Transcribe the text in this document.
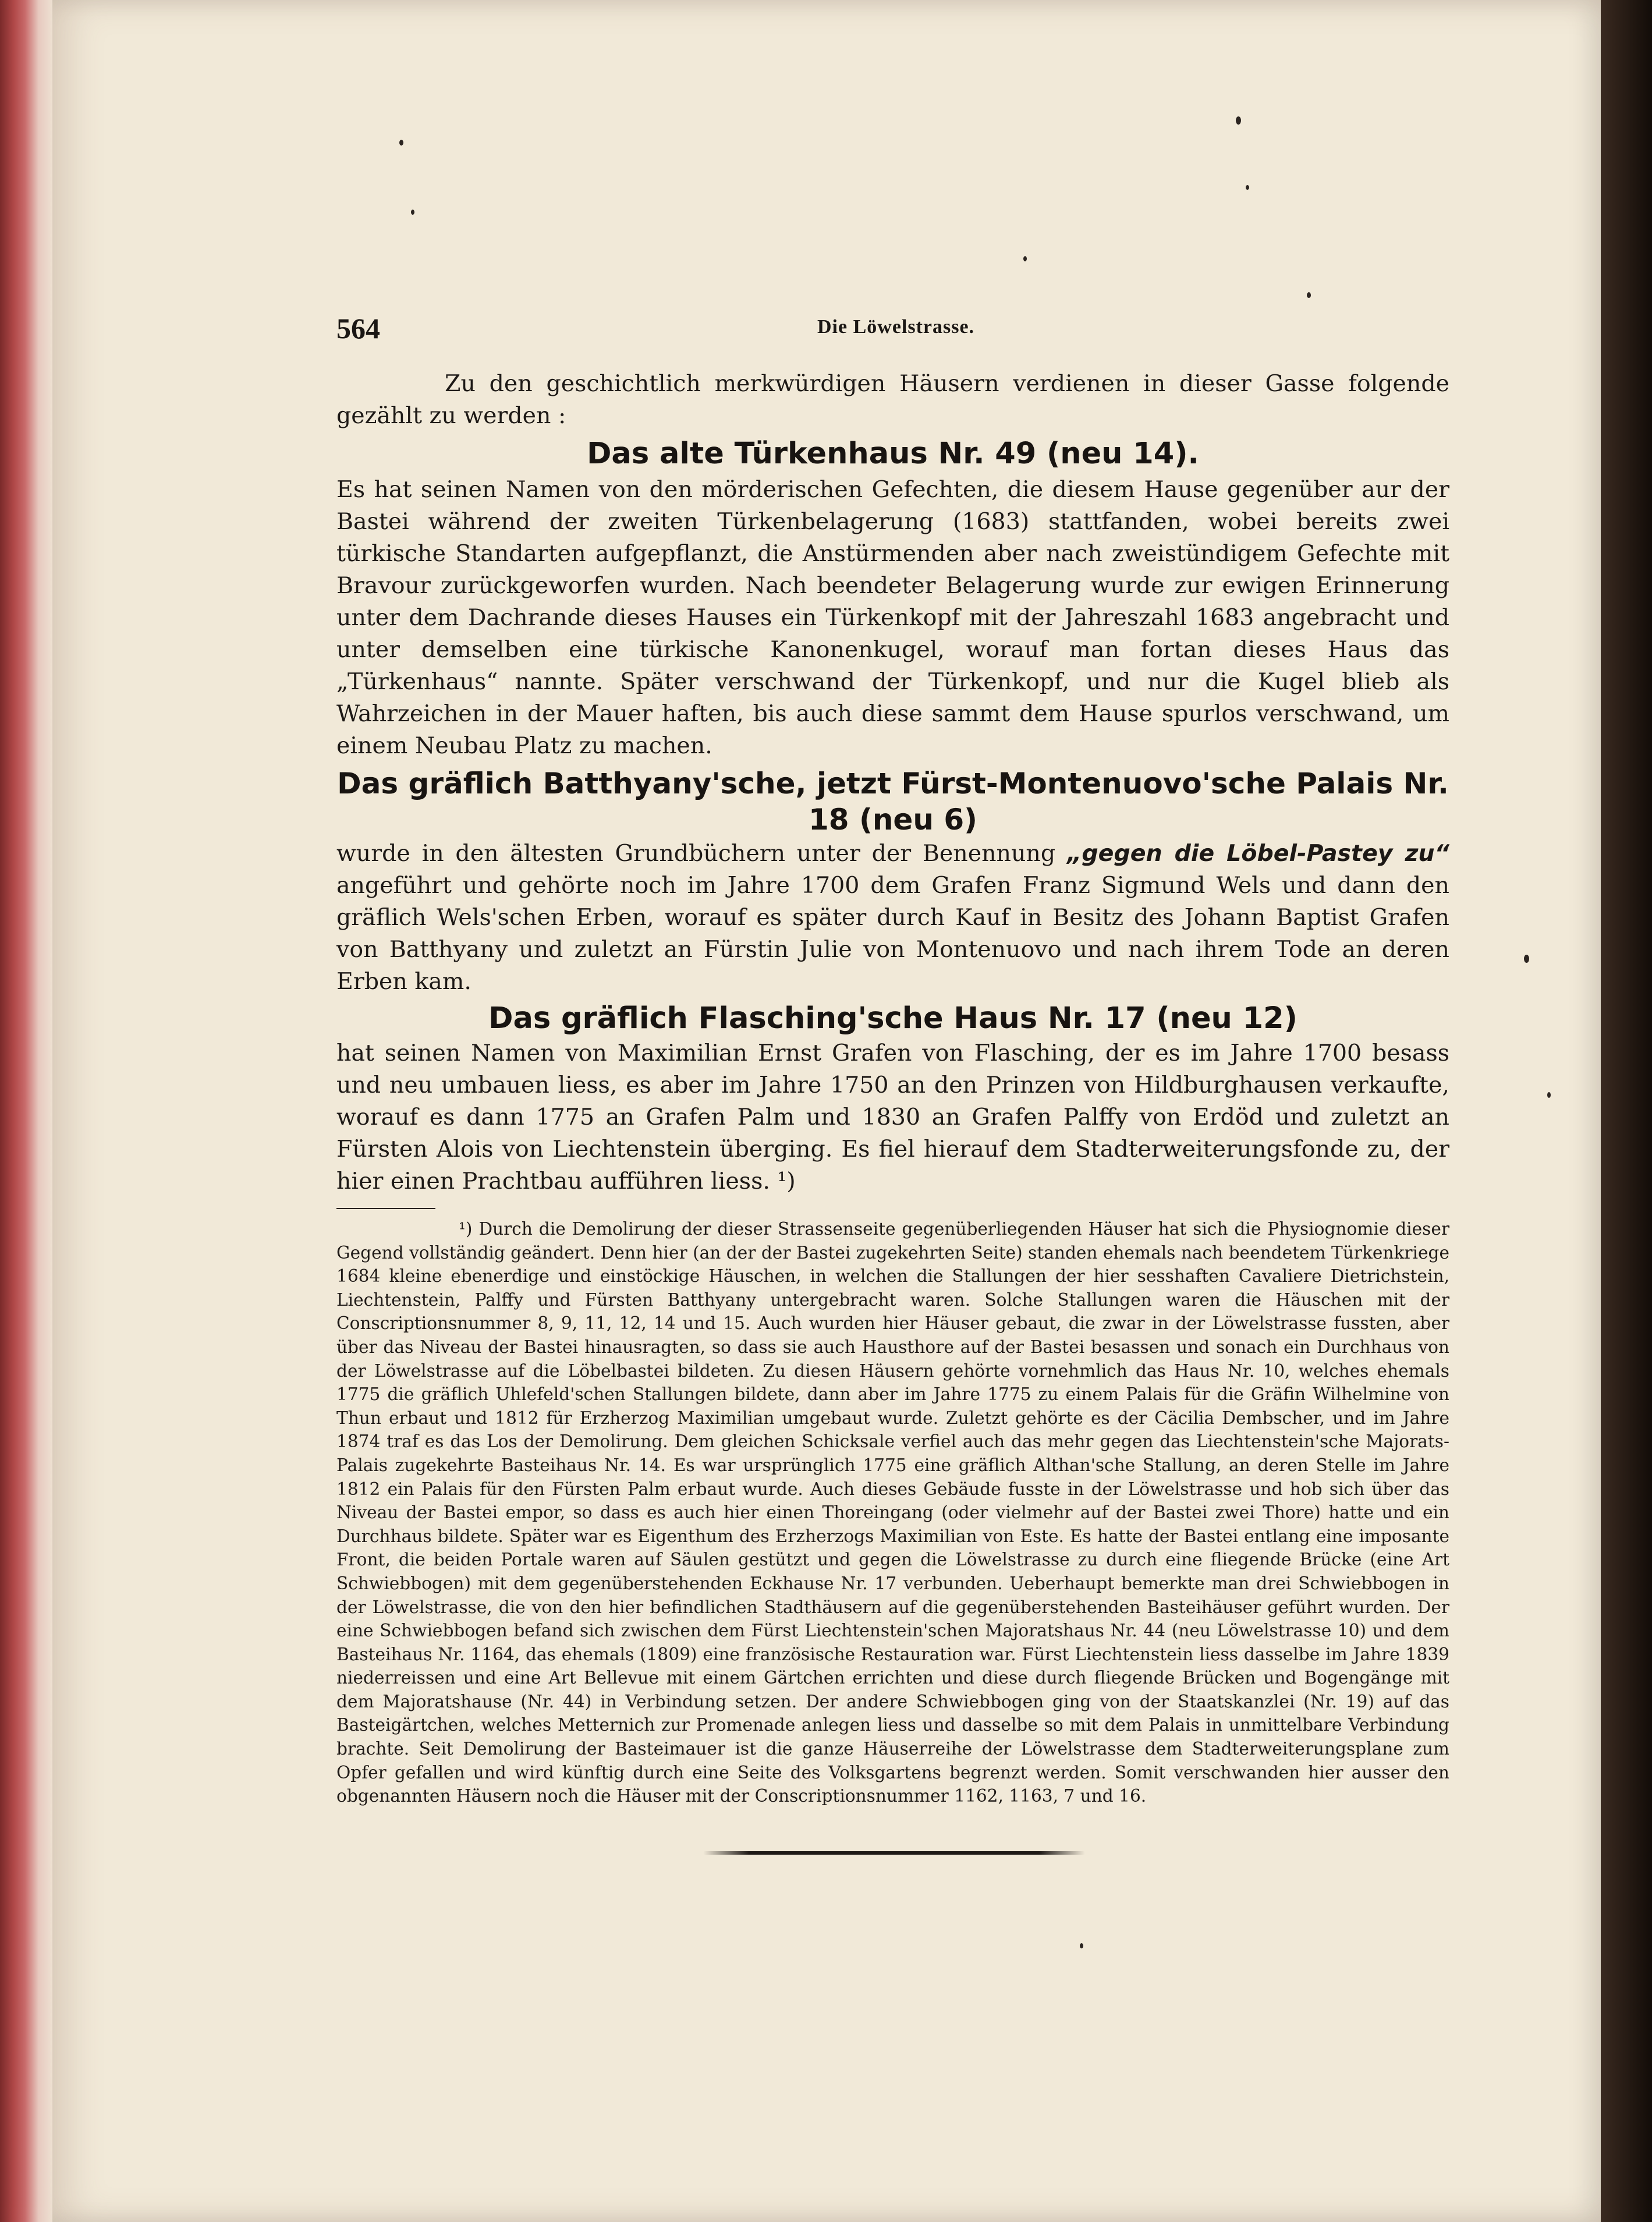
564	Die Löwelstrasse.

Zu den geschichtlich merkwürdigen Häusern verdienen in dieser Gasse folgende gezählt zu werden :

Das alte Türkenhaus Nr. 49 (neu 14).

Es hat seinen Namen von den mörderischen Gefechten, die diesem Hause gegenüber aur der Bastei während der zweiten Türkenbelagerung (1683) stattfanden, wobei bereits zwei türkische Standarten aufgepflanzt, die Anstürmenden aber nach zweistündigem Gefechte mit Bravour zurückgeworfen wurden. Nach beendeter Belagerung wurde zur ewigen Erinnerung unter dem Dachrande dieses Hauses ein Türkenkopf mit der Jahreszahl 1683 angebracht und unter demselben eine türkische Kanonenkugel, worauf man fortan dieses Haus das „Türkenhaus“ nannte. Später verschwand der Türkenkopf, und nur die Kugel blieb als Wahrzeichen in der Mauer haften, bis auch diese sammt dem Hause spurlos verschwand, um einem Neubau Platz zu machen.

Das gräflich Batthyany'sche, jetzt Fürst-Montenuovo'sche Palais Nr. 18 (neu 6)

wurde in den ältesten Grundbüchern unter der Benennung „gegen die Löbel-Pastey zu“ angeführt und gehörte noch im Jahre 1700 dem Grafen Franz Sigmund Wels und dann den gräflich Wels'schen Erben, worauf es später durch Kauf in Besitz des Johann Baptist Grafen von Batthyany und zuletzt an Fürstin Julie von Montenuovo und nach ihrem Tode an deren Erben kam.

Das gräflich Flasching'sche Haus Nr. 17 (neu 12)

hat seinen Namen von Maximilian Ernst Grafen von Flasching, der es im Jahre 1700 besass und neu umbauen liess, es aber im Jahre 1750 an den Prinzen von Hildburghausen verkaufte, worauf es dann 1775 an Grafen Palm und 1830 an Grafen Palffy von Erdöd und zuletzt an Fürsten Alois von Liechtenstein überging. Es fiel hierauf dem Stadterweiterungsfonde zu, der hier einen Prachtbau aufführen liess. ¹)

¹) Durch die Demolirung der dieser Strassenseite gegenüberliegenden Häuser hat sich die Physiognomie dieser Gegend vollständig geändert. Denn hier (an der der Bastei zugekehrten Seite) standen ehemals nach beendetem Türkenkriege 1684 kleine ebenerdige und einstöckige Häuschen, in welchen die Stallungen der hier sesshaften Cavaliere Dietrichstein, Liechtenstein, Palffy und Fürsten Batthyany untergebracht waren. Solche Stallungen waren die Häuschen mit der Conscriptionsnummer 8, 9, 11, 12, 14 und 15. Auch wurden hier Häuser gebaut, die zwar in der Löwelstrasse fussten, aber über das Niveau der Bastei hinausragten, so dass sie auch Hausthore auf der Bastei besassen und sonach ein Durchhaus von der Löwelstrasse auf die Löbelbastei bildeten. Zu diesen Häusern gehörte vornehmlich das Haus Nr. 10, welches ehemals 1775 die gräflich Uhlefeld'schen Stallungen bildete, dann aber im Jahre 1775 zu einem Palais für die Gräfin Wilhelmine von Thun erbaut und 1812 für Erzherzog Maximilian umgebaut wurde. Zuletzt gehörte es der Cäcilia Dembscher, und im Jahre 1874 traf es das Los der Demolirung. Dem gleichen Schicksale verfiel auch das mehr gegen das Liechtenstein'sche Majorats-Palais zugekehrte Basteihaus Nr. 14. Es war ursprünglich 1775 eine gräflich Althan'sche Stallung, an deren Stelle im Jahre 1812 ein Palais für den Fürsten Palm erbaut wurde. Auch dieses Gebäude fusste in der Löwelstrasse und hob sich über das Niveau der Bastei empor, so dass es auch hier einen Thoreingang (oder vielmehr auf der Bastei zwei Thore) hatte und ein Durchhaus bildete. Später war es Eigenthum des Erzherzogs Maximilian von Este. Es hatte der Bastei entlang eine imposante Front, die beiden Portale waren auf Säulen gestützt und gegen die Löwelstrasse zu durch eine fliegende Brücke (eine Art Schwiebbogen) mit dem gegenüberstehenden Eckhause Nr. 17 verbunden. Ueberhaupt bemerkte man drei Schwiebbogen in der Löwelstrasse, die von den hier befindlichen Stadthäusern auf die gegenüberstehenden Basteihäuser geführt wurden. Der eine Schwiebbogen befand sich zwischen dem Fürst Liechtenstein'schen Majoratshaus Nr. 44 (neu Löwelstrasse 10) und dem Basteihaus Nr. 1164, das ehemals (1809) eine französische Restauration war. Fürst Liechtenstein liess dasselbe im Jahre 1839 niederreissen und eine Art Bellevue mit einem Gärtchen errichten und diese durch fliegende Brücken und Bogengänge mit dem Majoratshause (Nr. 44) in Verbindung setzen. Der andere Schwiebbogen ging von der Staatskanzlei (Nr. 19) auf das Basteigärtchen, welches Metternich zur Promenade anlegen liess und dasselbe so mit dem Palais in unmittelbare Verbindung brachte. Seit Demolirung der Basteimauer ist die ganze Häuserreihe der Löwelstrasse dem Stadterweiterungsplane zum Opfer gefallen und wird künftig durch eine Seite des Volksgartens begrenzt werden. Somit verschwanden hier ausser den obgenannten Häusern noch die Häuser mit der Conscriptionsnummer 1162, 1163, 7 und 16.
